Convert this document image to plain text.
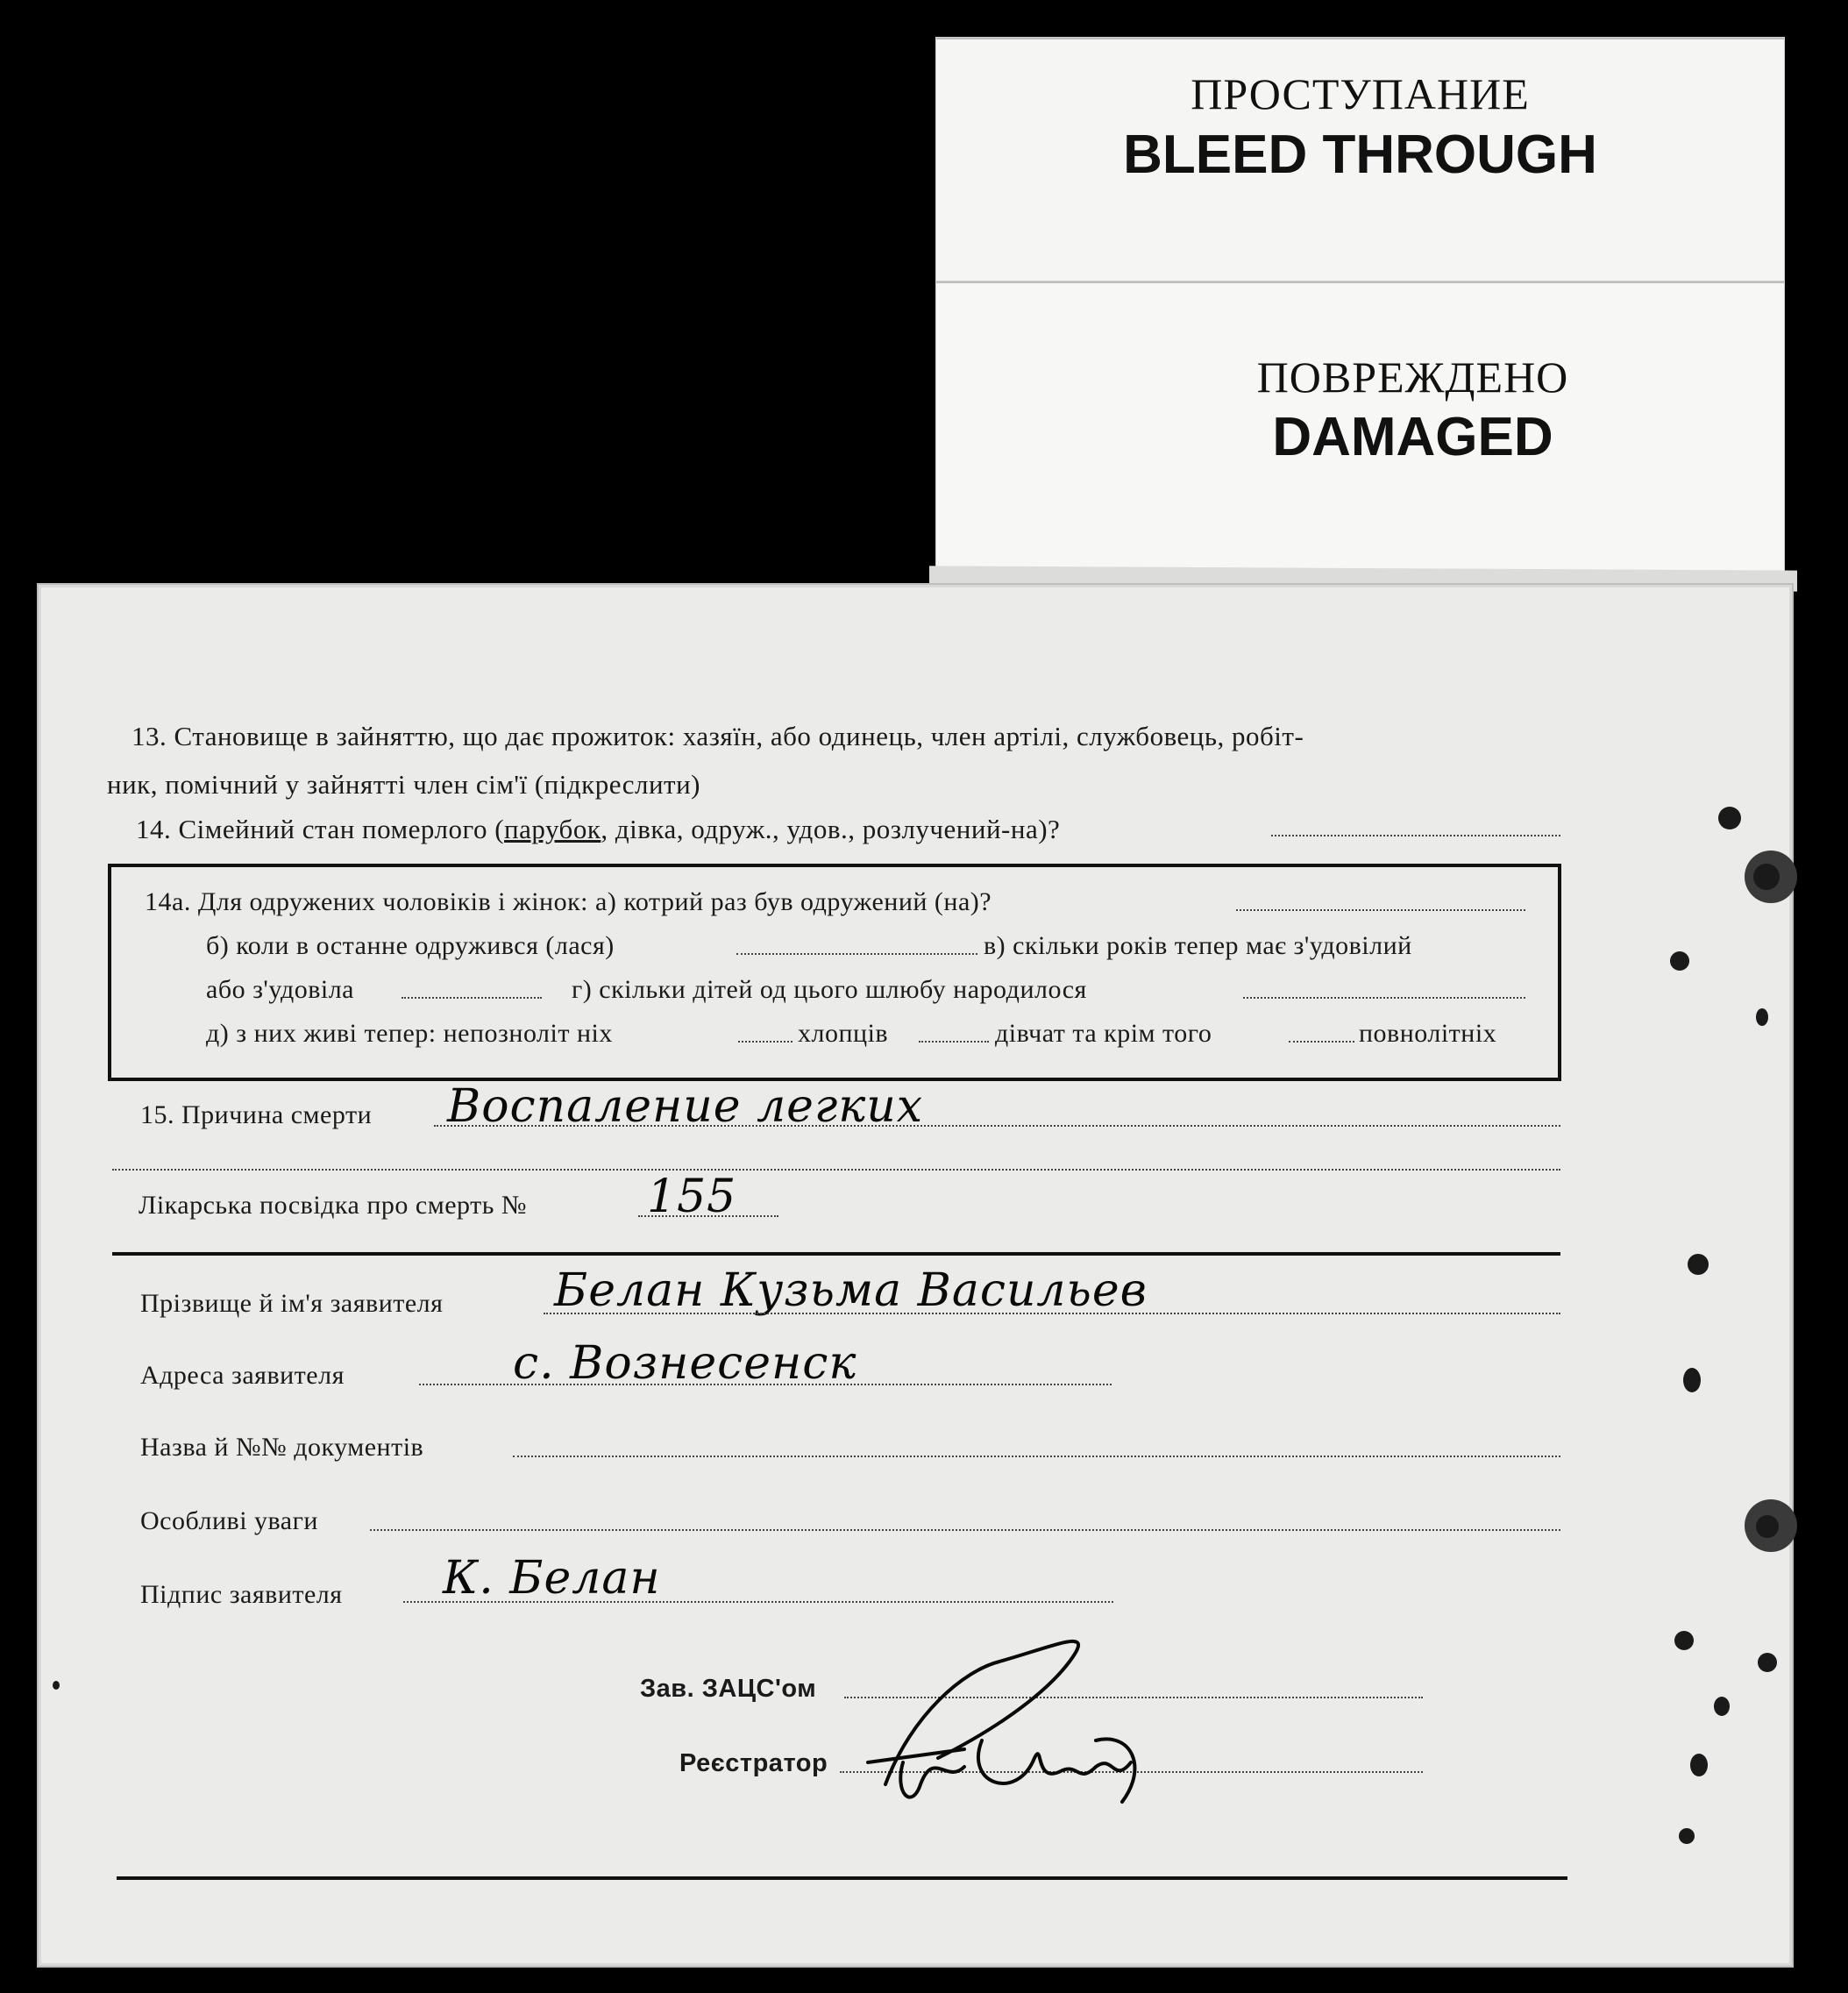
ПРОСТУПАНИЕ
BLEED THROUGH
ПОВРЕЖДЕНО
DAMAGED
13. Становище в зайняттю, що дає прожиток: хазяїн, або одинець, член артілі, службовець, робіт-
ник, помічний у зайнятті член сім'ї (підкреслити)
14. Сімейний стан померлого (парубок, дівка, одруж., удов., розлучений-на)?
14а. Для одружених чоловіків і жінок: а) котрий раз був одружений (на)?
б) коли в останне одружився (лася)	в) скільки років тепер має з'удовілий
або з'удовіла	г) скільки дітей од цього шлюбу народилося
д) з них живі тепер: непозноліт ніх	хлопців	дівчат та крім того	повнолітніх
15. Причина смерти Воспаление легких
Лікарська посвідка про смерть №	155
Прізвище й ім'я заявителя Белан Кузьма Васильев
Адреса заявителя	с. Вознесенск
Назва й №№ документів
Особливі уваги
Підпис заявителя К. Белан
Зав. ЗАЦС'ом
Реєстратор
